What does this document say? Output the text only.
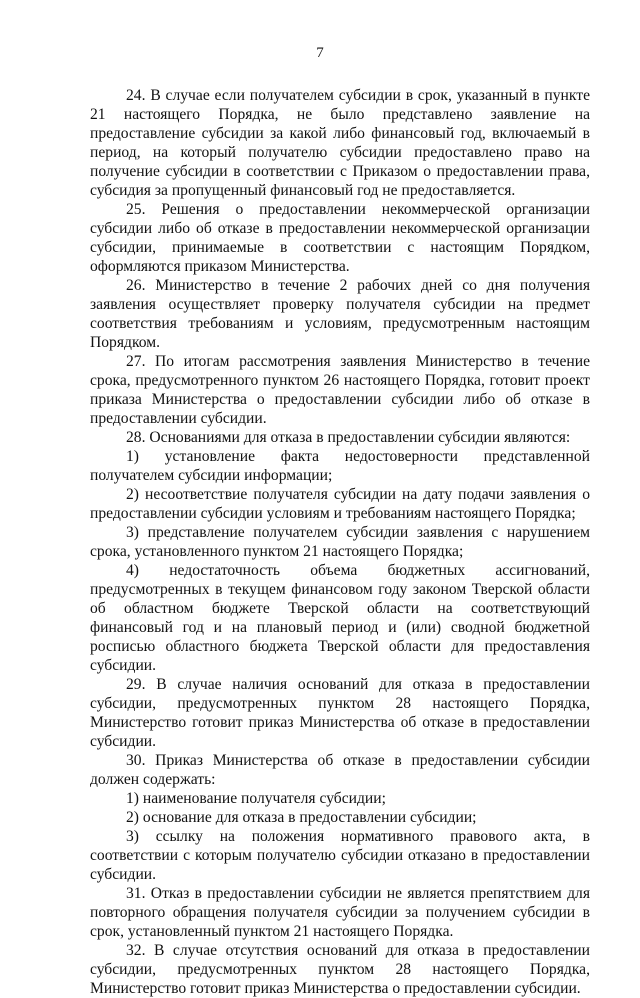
7

24. В случае если получателем субсидии в срок, указанный в пункте 21 настоящего Порядка, не было представлено заявление на предоставление субсидии за какой либо финансовый год, включаемый в период, на который получателю субсидии предоставлено право на получение субсидии в соответствии с Приказом о предоставлении права, субсидия за пропущенный финансовый год не предоставляется.

25. Решения о предоставлении некоммерческой организации субсидии либо об отказе в предоставлении некоммерческой организации субсидии, принимаемые в соответствии с настоящим Порядком, оформляются приказом Министерства.

26. Министерство в течение 2 рабочих дней со дня получения заявления осуществляет проверку получателя субсидии на предмет соответствия требованиям и условиям, предусмотренным настоящим Порядком.

27. По итогам рассмотрения заявления Министерство в течение срока, предусмотренного пунктом 26 настоящего Порядка, готовит проект приказа Министерства о предоставлении субсидии либо об отказе в предоставлении субсидии.

28. Основаниями для отказа в предоставлении субсидии являются:

1) установление факта недостоверности представленной получателем субсидии информации;

2) несоответствие получателя субсидии на дату подачи заявления о предоставлении субсидии условиям и требованиям настоящего Порядка;

3) представление получателем субсидии заявления с нарушением срока, установленного пунктом 21 настоящего Порядка;

4) недостаточность объема бюджетных ассигнований, предусмотренных в текущем финансовом году законом Тверской области об областном бюджете Тверской области на соответствующий финансовый год и на плановый период и (или) сводной бюджетной росписью областного бюджета Тверской области для предоставления субсидии.

29. В случае наличия оснований для отказа в предоставлении субсидии, предусмотренных пунктом 28 настоящего Порядка, Министерство готовит приказ Министерства об отказе в предоставлении субсидии.

30. Приказ Министерства об отказе в предоставлении субсидии должен содержать:

1) наименование получателя субсидии;

2) основание для отказа в предоставлении субсидии;

3) ссылку на положения нормативного правового акта, в соответствии с которым получателю субсидии отказано в предоставлении субсидии.

31. Отказ в предоставлении субсидии не является препятствием для повторного обращения получателя субсидии за получением субсидии в срок, установленный пунктом 21 настоящего Порядка.

32. В случае отсутствия оснований для отказа в предоставлении субсидии, предусмотренных пунктом 28 настоящего Порядка, Министерство готовит приказ Министерства о предоставлении субсидии.
